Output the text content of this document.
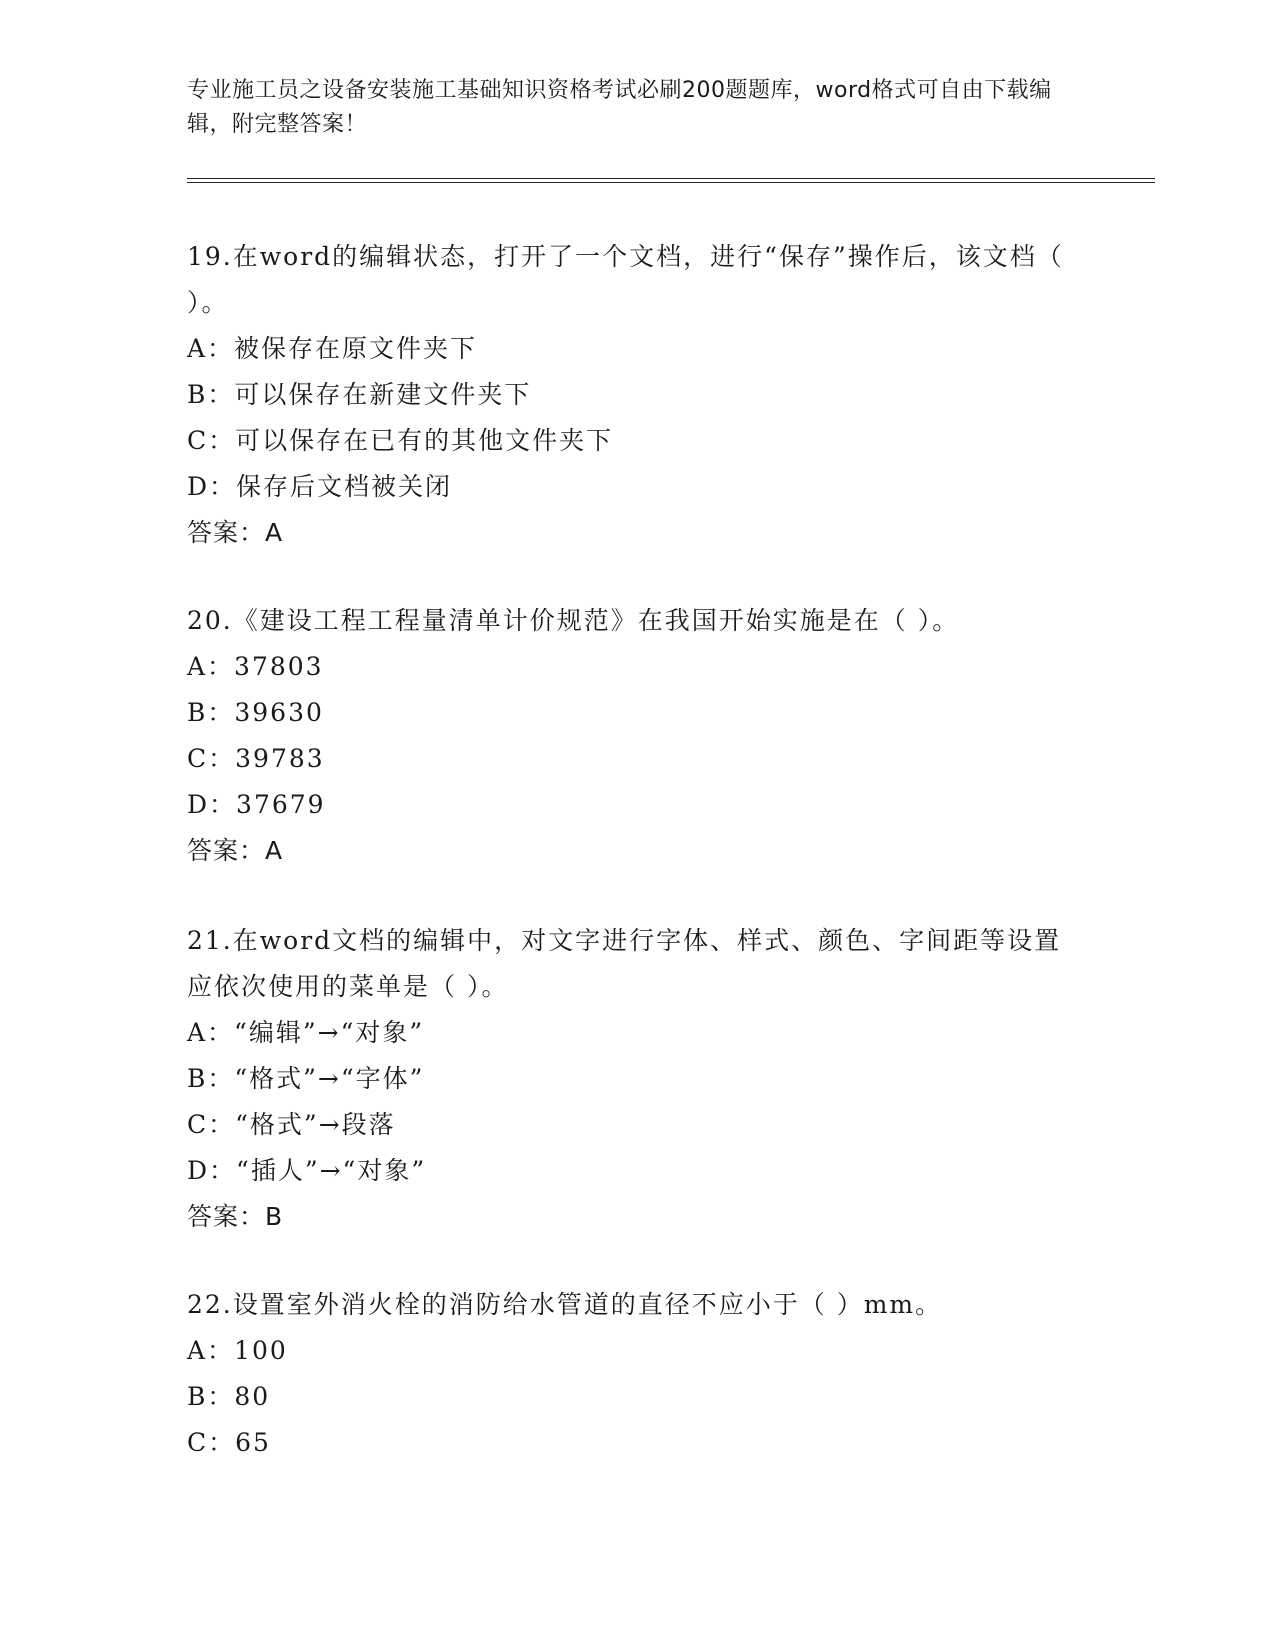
专业施工员之设备安装施工基础知识资格考试必刷200题题库，word格式可自由下载编辑，附完整答案！

19.在word的编辑状态，打开了一个文档，进行“保存”操作后，该文档（ ）。

A：被保存在原文件夹下

B：可以保存在新建文件夹下

C：可以保存在已有的其他文件夹下

D：保存后文档被关闭

答案：A

20.《建设工程工程量清单计价规范》在我国开始实施是在（ ）。

A：37803

B：39630

C：39783

D：37679

答案：A

21.在word文档的编辑中，对文字进行字体、样式、颜色、字间距等设置应依次使用的菜单是（ ）。

A：“编辑”→“对象”

B：“格式”→“字体”

C：“格式”→段落

D：“插人”→“对象”

答案：B

22.设置室外消火栓的消防给水管道的直径不应小于（ ）mm。

A：100

B：80

C：65
